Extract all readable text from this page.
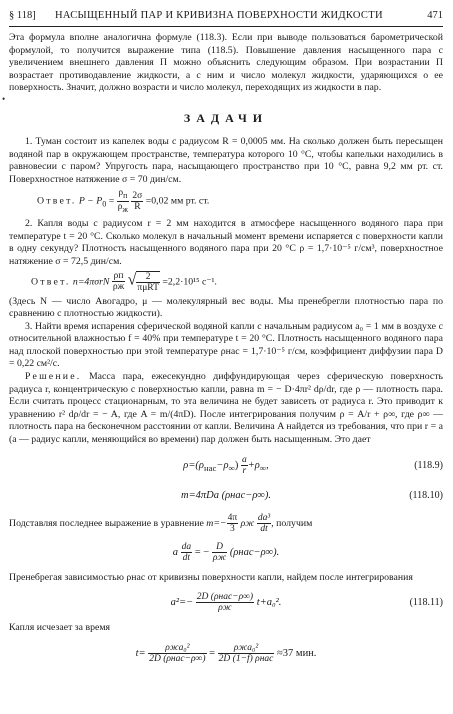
§ 118] НАСЫЩЕННЫЙ ПАР И КРИВИЗНА ПОВЕРХНОСТИ ЖИДКОСТИ	471
•

Эта формула вполне аналогична формуле (118.3). Если при выводе пользоваться барометрической формулой, то получится выражение типа (118.5). Повышение давления насыщенного пара с увеличением внешнего давления П можно объяснить следующим образом. При возрастании П возрастает противодавление жидкости, а с ним и число молекул жидкости, ударяющихся о ее поверхность. Значит, должно возрасти и число молекул, переходящих из жидкости в пар.

ЗАДАЧИ

1. Туман состоит из капелек воды с радиусом R = 0,0005 мм. На сколько должен быть пересыщен водяной пар в окружающем пространстве, температура которого 10 °С, чтобы капельки находились в равновесии с паром? Упругость пара, насыщающего пространство при 10 °С, равна 9,2 мм рт. ст. Поверхностное натяжение σ = 70 дин/см.

Ответ. $P - P_0 = \frac{\rho_п}{\rho_ж}$
$\frac{2\sigma}{R} =0,02$ мм рт. ст.

2. Капля воды с радиусом r = 2 мм находится в атмосфере насыщенного водяного пара при температуре t = 20 °С. Сколько молекул в начальный момент времени испаряется с поверхности капли в одну секунду? Плотность насыщенного водяного пара при 20 °С ρ = 1,7·10⁻⁵ г/см³, поверхностное натяжение σ = 72,5 дин/см.

Ответ. $n=4\pi\sigma rN \frac{\rho п}{\rho ж}$ √ $\frac{2}{\text{πμRT}} =2,2\cdot 10^{15}$ с⁻¹.

(Здесь N — число Авогадро, μ — молекулярный вес воды. Мы пренебрегли плотностью пара по сравнению с плотностью жидкости).

3. Найти время испарения сферической водяной капли с начальным радиусом a₀ = 1 мм в воздухе с относительной влажностью f = 40% при температуре t = 20 °С. Плотность насыщенного водяного пара над плоской поверхностью при этой температуре ρнас = 1,7·10⁻⁵ г/см, коэффициент диффузии пара D = 0,22 см²/с.

Решение. Масса пара, ежесекундно диффундирующая через сферическую поверхность радиуса r, концентрическую с поверхностью капли, равна m = − D·4πr² dρ/dr, где ρ — плотность пара. Если считать процесс стационарным, то эта величина не будет зависеть от радиуса r. Это приводит к уравнению r² dρ/dr = − A, где A = m/(4πD). После интегрирования получим ρ = A/r + ρ∞, где ρ∞ — плотность пара на бесконечном расстоянии от капли. Величина A найдется из требования, что при r = a (a — радиус капли, меняющийся во времени) пар должен быть насыщенным. Это дает

$\rho=(\rho_{нас}-\rho_\infty) \frac{a}{r} +\rho_\infty$,	(118.9)
m=4πDa (ρнас−ρ∞).	(118.10)

Подставляя последнее выражение в уравнение $m=- \frac{4\pi}{3}$ ρж $\frac{\text{da³}}{dt}$ , получим

a $\frac{da}{dt}$ = − $\frac{D}{\rho ж} (\rho нас-\rho\infty)$.

Пренебрегая зависимостью ρнас от кривизны поверхности капли, найдем после интегрирования

$a^2=- \frac{\text{2D (ρнас−ρ∞)}}{\rho ж} t+a_0^2$.	(118.11)

Капля исчезает за время

$t= \frac{\text{ρжa₀²}}{\text{2D (ρнас−ρ∞)}} = \frac{\text{ρжa₀²}}{\text{2D (1−f) ρнас}} \approx 37$ мин.
